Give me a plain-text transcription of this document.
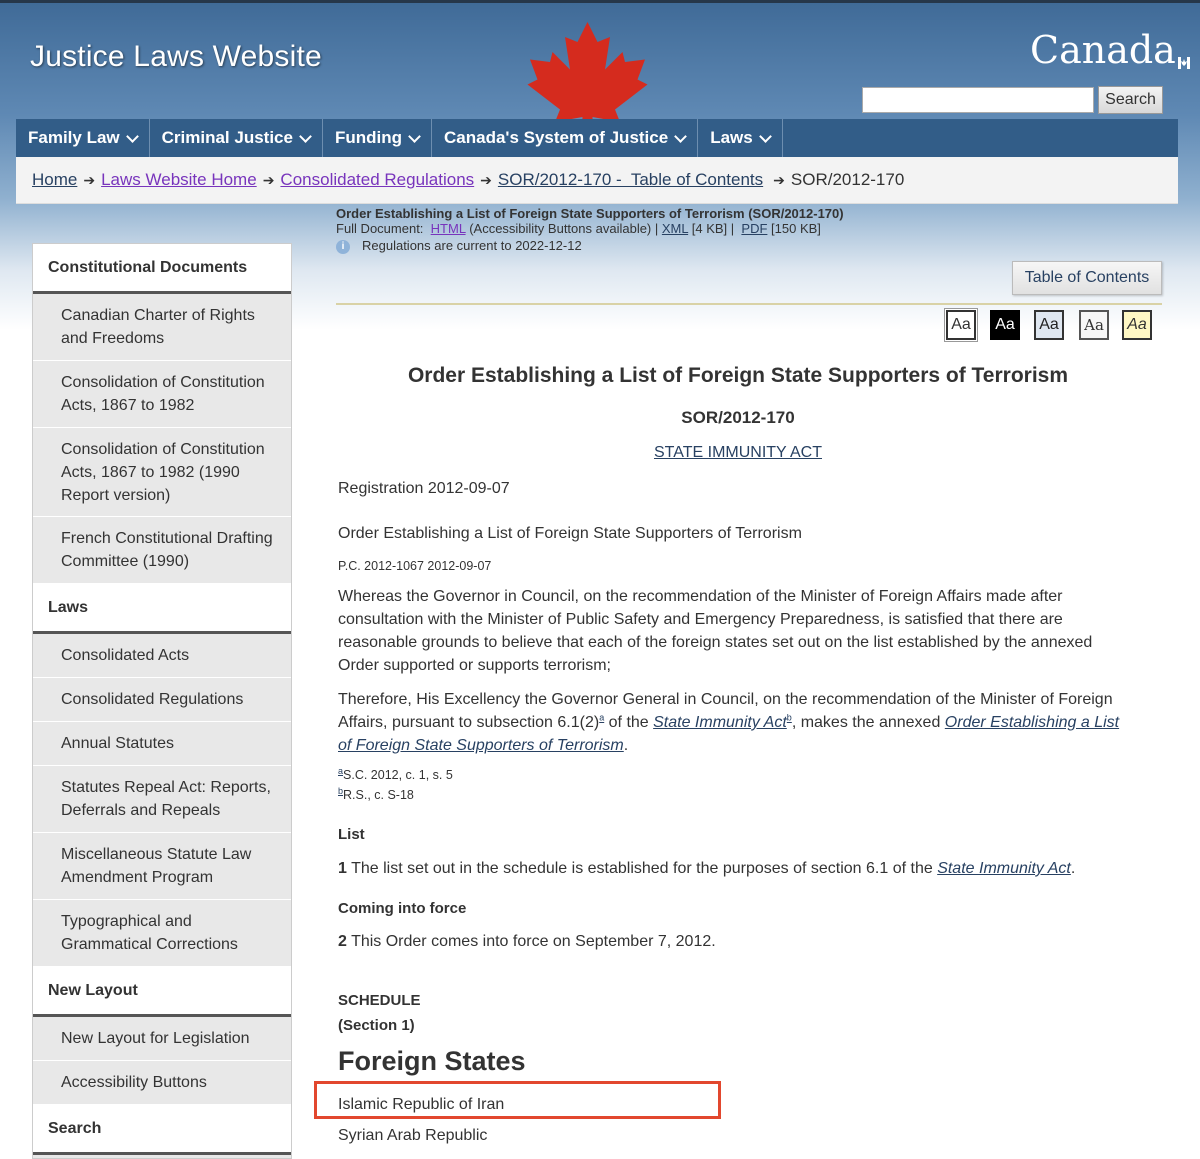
Justice Laws Website	Canada
Search
Family Law Criminal Justice Funding Canada's System of Justice Laws
Home ➔ Laws Website Home ➔ Consolidated Regulations ➔ SOR/2012-170 -  Table of Contents ➔ SOR/2012-170
Constitutional Documents
Canadian Charter of Rights and Freedoms
Consolidation of Constitution Acts, 1867 to 1982
Consolidation of Constitution Acts, 1867 to 1982 (1990 Report version)
French Constitutional Drafting Committee (1990)
Laws
Consolidated Acts
Consolidated Regulations
Annual Statutes
Statutes Repeal Act: Reports, Deferrals and Repeals
Miscellaneous Statute Law Amendment Program
Typographical and Grammatical Corrections
New Layout
New Layout for Legislation
Accessibility Buttons
Search
Order Establishing a List of Foreign State Supporters of Terrorism (SOR/2012-170)
Full Document: HTML (Accessibility Buttons available) | XML [4 KB] | PDF [150 KB]
i Regulations are current to 2022-12-12
Table of Contents
Aa	Aa	Aa	Aa	Aa
Order Establishing a List of Foreign State Supporters of Terrorism
SOR/2012-170
STATE IMMUNITY ACT
Registration 2012-09-07
Order Establishing a List of Foreign State Supporters of Terrorism
P.C. 2012-1067 2012-09-07
Whereas the Governor in Council, on the recommendation of the Minister of Foreign Affairs made after consultation with the Minister of Public Safety and Emergency Preparedness, is satisfied that there are reasonable grounds to believe that each of the foreign states set out on the list established by the annexed Order supported or supports terrorism;
Therefore, His Excellency the Governor General in Council, on the recommendation of the Minister of Foreign Affairs, pursuant to subsection 6.1(2)$^a$ of the State Immunity Act$^b$, makes the annexed Order Establishing a List of Foreign State Supporters of Terrorism.
$^a$S.C. 2012, c. 1, s. 5
$^b$R.S., c. S-18
List
1 The list set out in the schedule is established for the purposes of section 6.1 of the State Immunity Act.
Coming into force
2 This Order comes into force on September 7, 2012.
SCHEDULE
(Section 1)
Foreign States
Islamic Republic of Iran
Syrian Arab Republic
